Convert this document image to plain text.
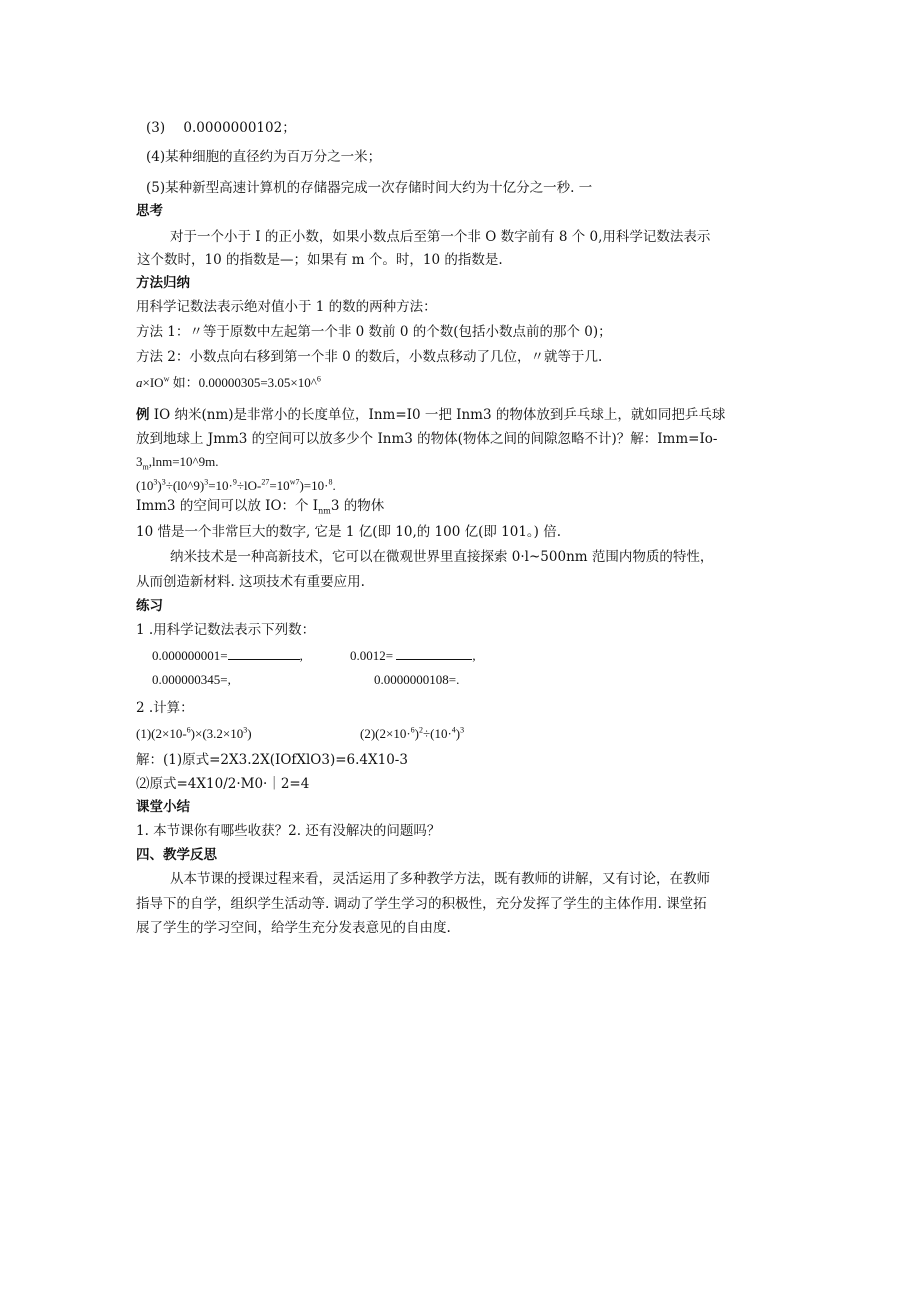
(3) 0.0000000102；
(4)某种细胞的直径约为百万分之一米；
(5)某种新型高速计算机的存储器完成一次存储时间大约为十亿分之一秒. 一
思考
对于一个小于 I 的正小数，如果小数点后至第一个非 O 数字前有 8 个 0,用科学记数法表示
这个数时，10 的指数是—；如果有 m 个。时，10 的指数是.
方法归纳
用科学记数法表示绝对值小于 1 的数的两种方法：
方法 1：〃等于原数中左起第一个非 0 数前 0 的个数(包括小数点前的那个 0)；
方法 2：小数点向右移到第一个非 0 的数后，小数点移动了几位，〃就等于几.
$a\times IO^w$ 如：0.00000305=3.05×10^$^6$
例 IO 纳米(nm)是非常小的长度单位，Inm=I0 一把 Inm3 的物体放到乒乓球上，就如同把乒乓球
放到地球上 Jmm3 的空间可以放多少个 Inm3 的物体(物体之间的间隙忽略不计)？解：Imm=Io-
$3_m,\ln m=10\^{}9m$.
$(10^3)^3\div(l0\^{}9)^3=10\cdot^9\div lO-^{27}=10^{w7})=10\cdot^8$.
Imm3 的空间可以放 IO：个 $I_{nm}3$ 的物休
10 惜是一个非常巨大的数字, 它是 1 亿(即 10,的 100 亿(即 101。) 倍.
纳米技术是一种高新技术，它可以在微观世界里直接探索 0·l~500nm 范围内物质的特性，
从而创造新材料. 这项技术有重要应用.
练习
1 .用科学记数法表示下列数：
0.000000001=	,	0.0012=	,
0.000000345=,	0.0000000108=.
2 .计算：
$(1)(2\times 10-^6)\times(3.2\times 10^3)$	$(2)(2\times 10\cdot^6)^2\div(10\cdot^4)^3$
解：(1)原式=2X3.2X(IOfXlO3)=6.4X10-3
⑵原式=4X10/2·M0·｜2=4
课堂小结
1. 本节课你有哪些收获？2. 还有没解决的问题吗？
四、教学反思
从本节课的授课过程来看，灵活运用了多种教学方法，既有教师的讲解，又有讨论，在教师
指导下的自学，组织学生活动等. 调动了学生学习的积极性，充分发挥了学生的主体作用. 课堂拓
展了学生的学习空间，给学生充分发表意见的自由度.
